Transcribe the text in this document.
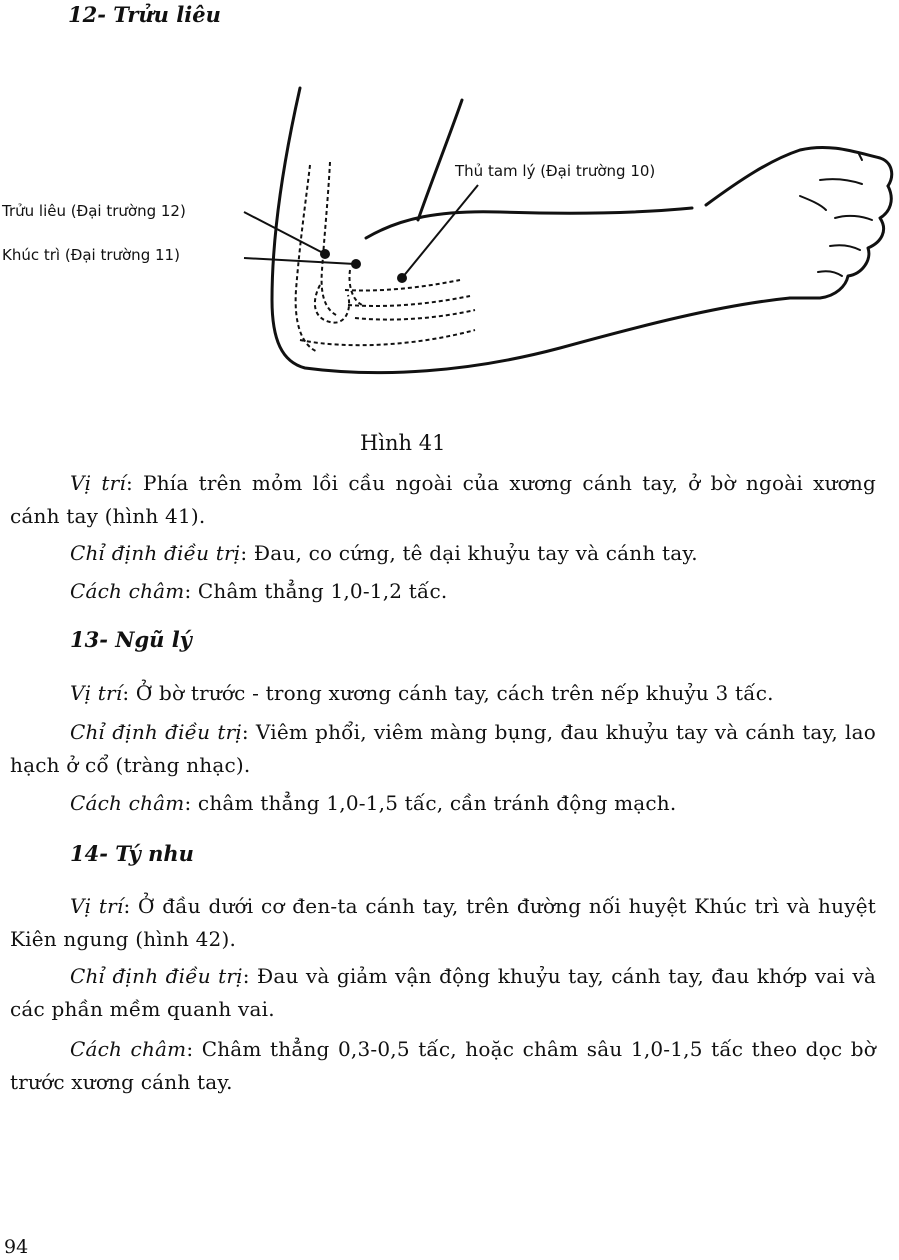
12- Trửu liêu
Thủ tam lý (Đại trường 10)
Trửu liêu (Đại trường 12)
Khúc trì (Đại trường 11)
Hình 41
Vị trí: Phía trên mỏm lồi cầu ngoài của xương cánh tay, ở bờ ngoài xương cánh tay (hình 41).
Chỉ định điều trị: Đau, co cứng, tê dại khuỷu tay và cánh tay.
Cách châm: Châm thẳng 1,0-1,2 tấc.
13- Ngũ lý
Vị trí: Ở bờ trước - trong xương cánh tay, cách trên nếp khuỷu 3 tấc.
Chỉ định điều trị: Viêm phổi, viêm màng bụng, đau khuỷu tay và cánh tay, lao hạch ở cổ (tràng nhạc).
Cách châm: châm thẳng 1,0-1,5 tấc, cần tránh động mạch.
14- Tý nhu
Vị trí: Ở đầu dưới cơ đen-ta cánh tay, trên đường nối huyệt Khúc trì và huyệt Kiên ngung (hình 42).
Chỉ định điều trị: Đau và giảm vận động khuỷu tay, cánh tay, đau khớp vai và các phần mềm quanh vai.
Cách châm: Châm thẳng 0,3-0,5 tấc, hoặc châm sâu 1,0-1,5 tấc theo dọc bờ trước xương cánh tay.
94
